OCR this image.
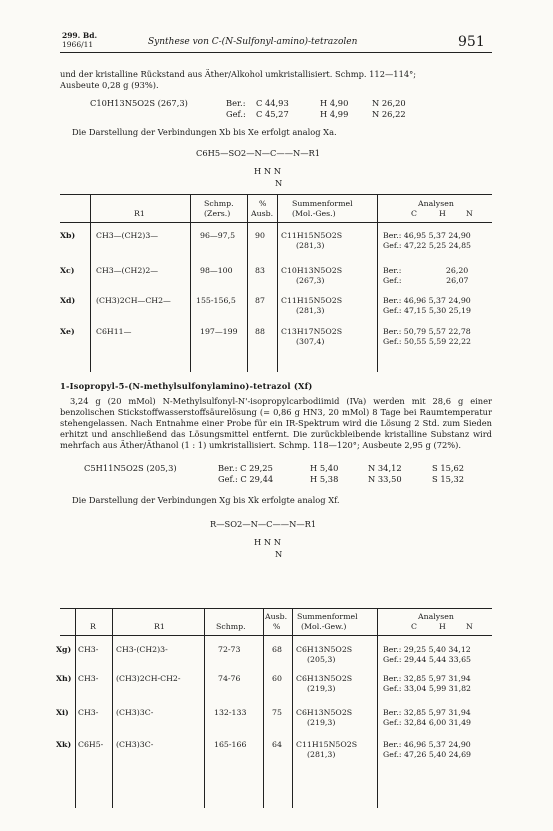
299. Bd.
1966/11	Synthese von C-(N-Sulfonyl-amino)-tetrazolen	951
und der kristalline Rückstand aus Äther/Alkohol umkristallisiert. Schmp. 112—114°;
Ausbeute 0,28 g (93%).
C10H13N5O2S (267,3)	Ber.: C 44,93	H 4,90	N 26,20
Gef.: C 45,27	H 4,99	N 26,22
Die Darstellung der Verbindungen Xb bis Xe erfolgt analog Xa.
C6H5—SO2—N—C——N—R1
H N N
N
Schmp.
(Zers.)
%
Ausb.
Summenformel
(Mol.-Ges.)
R1
Analysen
C	H	N
Xb)	CH3—(CH2)3—	96—97,5	90 C11H15N5O2S
(281,3)
Ber.: 46,95 5,37 24,90
Gef.: 47,22 5,25 24,85
Xc)	CH3—(CH2)2—	98—100	83 C10H13N5O2S
(267,3)
Ber.:                  26,20
Gef.:                  26,07
Xd)	(CH3)2CH—CH2—	155-156,5 87 C11H15N5O2S
(281,3)
Ber.: 46,96 5,37 24,90
Gef.: 47,15 5,30 25,19
Xe)	C6H11—	197—199 88 C13H17N5O2S
(307,4)
Ber.: 50,79 5,57 22,78
Gef.: 50,55 5,59 22,22
1-Isopropyl-5-(N-methylsulfonylamino)-tetrazol (Xf)
3,24 g (20 mMol) N-Methylsulfonyl-N'-isopropylcarbodiimid (IVa) werden mit 28,6 g einer benzolischen Stickstoffwasserstoffsäurelösung (= 0,86 g HN3, 20 mMol) 8 Tage bei Raumtemperatur stehengelassen. Nach Entnahme einer Probe für ein IR-Spektrum wird die Lösung 2 Std. zum Sieden erhitzt und anschließend das Lösungsmittel entfernt. Die zurückbleibende kristalline Substanz wird mehrfach aus Äther/Äthanol (1 : 1) umkristallisiert. Schmp. 118—120°; Ausbeute 2,95 g (72%).
C5H11N5O2S (205,3)	Ber.: C 29,25	H 5,40	N 34,12	S 15,62
Gef.: C 29,44	H 5,38	N 33,50	S 15,32
Die Darstellung der Verbindungen Xg bis Xk erfolgte analog Xf.
R—SO2—N—C——N—R1
H N N
N
Ausb.
%
Summenformel
(Mol.-Gew.)
R	R1	Schmp.
Analysen
C	H	N
Xg) CH3- CH3-(CH2)3-	72-73	68 C6H13N5O2S
(205,3)
Ber.: 29,25 5,40 34,12
Gef.: 29,44 5,44 33,65
Xh) CH3- (CH3)2CH-CH2-	74-76	60 C6H13N5O2S
(219,3)
Ber.: 32,85 5,97 31,94
Gef.: 33,04 5,99 31,82
Xi) CH3- (CH3)3C-	132-133	75 C6H13N5O2S
(219,3)
Ber.: 32,85 5,97 31,94
Gef.: 32,84 6,00 31,49
Xk) C6H5- (CH3)3C-	165-166	64 C11H15N5O2S
(281,3)
Ber.: 46,96 5,37 24,90
Gef.: 47,26 5,40 24,69
